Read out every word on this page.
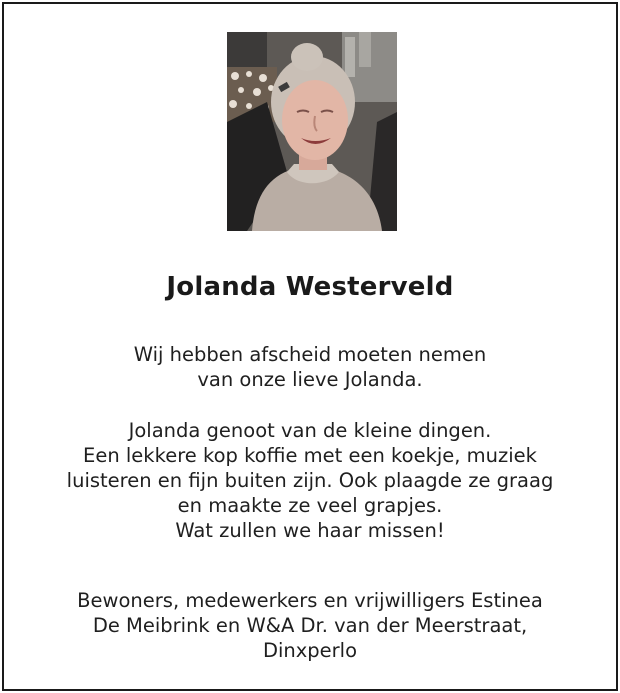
Jolanda Westerveld
Wij hebben afscheid moeten nemen
van onze lieve Jolanda.
Jolanda genoot van de kleine dingen.
Een lekkere kop koffie met een koekje, muziek
luisteren en fijn buiten zijn. Ook plaagde ze graag
en maakte ze veel grapjes.
Wat zullen we haar missen!
Bewoners, medewerkers en vrijwilligers Estinea
De Meibrink en W&A Dr. van der Meerstraat,
Dinxperlo
